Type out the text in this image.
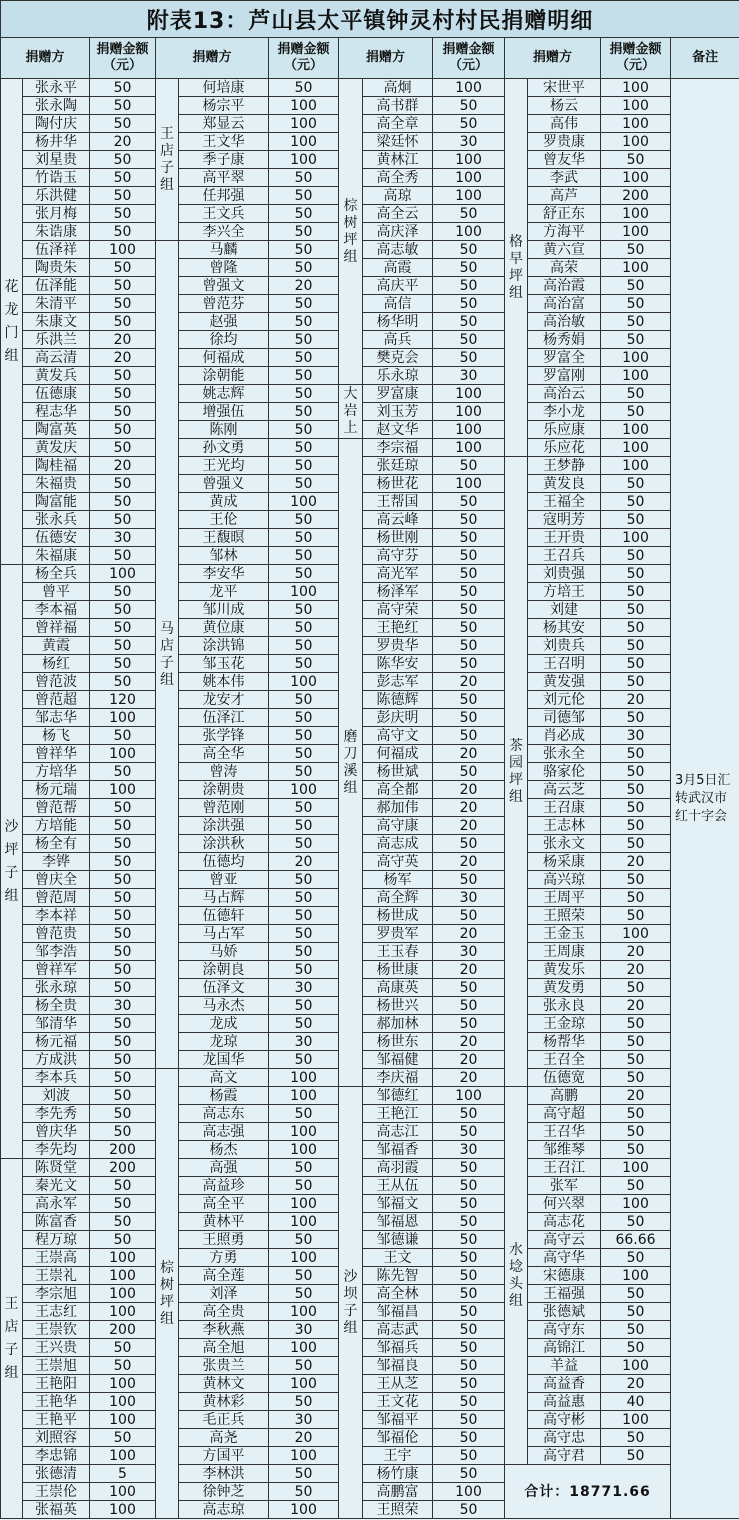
附表13：芦山县太平镇钟灵村村民捐赠明细												
捐赠方		捐赠金额
（元）	捐赠方		捐赠金额
（元）	捐赠方		捐赠金额
（元）	捐赠方		捐赠金额
（元）	备注
花龙门组	张永平	50	王店子组	何培康	50	棕树坪组	高炯	100	格早坪组	宋世平	100	3月5日汇转武汉市红十字会
	张永陶	50		杨宗平	100		高书群	50		杨云	100	
	陶付庆	50		郑显云	100		高全章	50		高伟	100	
	杨井华	20		王文华	100		梁廷怀	30		罗贵康	100	
	刘星贵	50		季子康	100		黄林江	100		曾友华	50	
	竹诰玉	50		高平翠	50		高全秀	100		李武	100	
	乐洪健	50		任邦强	50		高琼	100		高芦	200	
	张月梅	50		王文兵	50		高全云	50		舒正东	100	
	朱诰康	50		李兴全	50		高庆泽	100		方海平	100	
	伍泽祥	100	马店子组	马麟	50		高志敏	50		黄六宣	50	
	陶贵朱	50		曾隆	50		高霞	50		高荣	100	
	伍泽能	50		曾强文	20		高庆平	50		高治霞	50	
	朱清平	50		曾范芬	50		高信	50		高治富	50	
	朱康文	50		赵强	50		杨华明	50		高治敏	50	
	乐洪兰	20		徐均	50		高兵	50		杨秀娟	50	
	高云清	20		何福成	50		樊克会	50		罗富全	100	
	黄发兵	50		涂朝能	50		乐永琼	30		罗富刚	100	
	伍德康	50		姚志辉	50	大岩上	罗富康	100		高治云	50	
	程志华	50		增强伍	50		刘玉芳	100		李小龙	50	
	陶富英	50		陈刚	50		赵文华	100		乐应康	100	
	黄发庆	50		孙文勇	50	磨刀溪组	李宗福	100		乐应花	100	
	陶桂福	20		王光均	50		张廷琼	50	茶园坪组	王梦静	100	
	朱福贵	50		曾强义	50		杨世花	100		黄发良	50	
	陶富能	50		黄成	100		王帮国	50		王福全	50	
	张永兵	50		王伦	50		高云峰	50		寇明芳	50	
	伍德安	30		王馥暝	50		杨世刚	50		王开贵	100	
	朱福康	50		邹林	50		高守芬	50		王召兵	50	
沙坪子组	杨全兵	100		李安华	50		高光军	50		刘贵强	50	
	曾平	50		龙平	100		杨泽军	50		方培王	50	
	李本福	50		邹川成	50		高守荣	50		刘建	50	
	曾祥福	50		黄位康	50		王艳红	50		杨其安	50	
	黄霞	50		涂洪锦	50		罗贵华	50		刘贵兵	50	
	杨红	50		邹玉花	50		陈华安	50		王召明	50	
	曾范波	50		姚本伟	100		彭志军	20		黄发强	50	
	曾范超	120		龙安才	50		陈德辉	50		刘元伦	20	
	邹志华	100		伍泽江	50		彭庆明	50		司德邹	50	
	杨飞	50		张学锋	50		高守文	50		肖必成	30	
	曾祥华	100		高全华	50		何福成	20		张永全	50	
	方培华	50		曾涛	50		杨世斌	50		骆家伦	50	
	杨元瑞	100		涂朝贵	100		高全都	20		高云芝	50	
	曾范帮	50		曾范刚	50		郝加伟	20		王召康	50	
	方培能	50		涂洪强	50		高守康	20		王志林	50	
	杨全有	50		涂洪秋	50		高志成	50		张永文	50	
	李铧	50		伍德均	20		高守英	20		杨采康	20	
	曾庆全	50		曾亚	50		杨军	50		高兴琼	50	
	曾范周	50		马占辉	50		高全辉	30		王周平	50	
	李本祥	50		伍德轩	50		杨世成	50		王照荣	50	
	曾范贵	50		马占军	50		罗贵军	20		王金玉	100	
	邹李浩	50		马娇	50		王玉春	30		王周康	20	
	曾祥军	50		涂朝良	50		杨世康	20		黄发乐	20	
	张永琼	50		伍泽文	30		高康英	50		黄发勇	50	
	杨全贵	30		马永杰	50		杨世兴	50		张永良	20	
	邹清华	50		龙成	50		郝加林	50		王金琼	50	
	杨元福	50		龙琼	30		杨世东	20		杨帮华	50	
	方成洪	50		龙国华	50		邹福健	20		王召全	50	
	李本兵	50	棕树坪组	高文	100		李庆福	20		伍德宽	50	
	刘波	50		杨霞	100	沙坝子组	邹德红	100	水埝头组	高鹏	20	
	李先秀	50		高志东	50		王艳江	50		高守超	50	
	曾庆华	50		高志强	100		高志江	50		王召华	50	
	李先均	200		杨杰	100		邹福香	30		邹维琴	50	
王店子组	陈贤堂	200		高强	50		高羽霞	50		王召江	100	
	秦光文	50		高益珍	50		王从伍	50		张军	50	
	高永军	50		高全平	100		邹福文	50		何兴翠	100	
	陈富香	50		黄林平	100		邹福恩	50		高志花	50	
	程万琼	50		王照勇	50		邹德谦	50		高守云	66.66	
	王崇高	100		方勇	100		王文	50		高守华	50	
	王崇礼	100		高全莲	50		陈先智	50		宋德康	100	
	李宗旭	100		刘泽	50		高全林	50		王福强	50	
	王志红	100		高全贵	100		邹福昌	50		张德斌	50	
	王崇钦	200		李秋燕	30		高志武	50		高守东	50	
	王兴贵	50		高全旭	100		邹福兵	50		高锦江	50	
	王崇旭	50		张贵兰	50		邹福良	50		羊益	100	
	王艳阳	100		黄林文	100		王从芝	50		高益香	20	
	王艳华	100		黄林彩	50		王文花	50		高益惠	40	
	王艳平	100		毛正兵	30		邹福平	50		高守彬	100	
	刘照容	50		高尧	20		邹福伦	50		高守忠	50	
	李忠锦	100		方国平	100		王宇	50		高守君	50	
	张德清	5		李林洪	50		杨竹康	50	合计：18771.66			
	王崇伦	100		徐钟芝	50		高鹏富	100				
	张福英	100		高志琼	100		王照荣	50				
